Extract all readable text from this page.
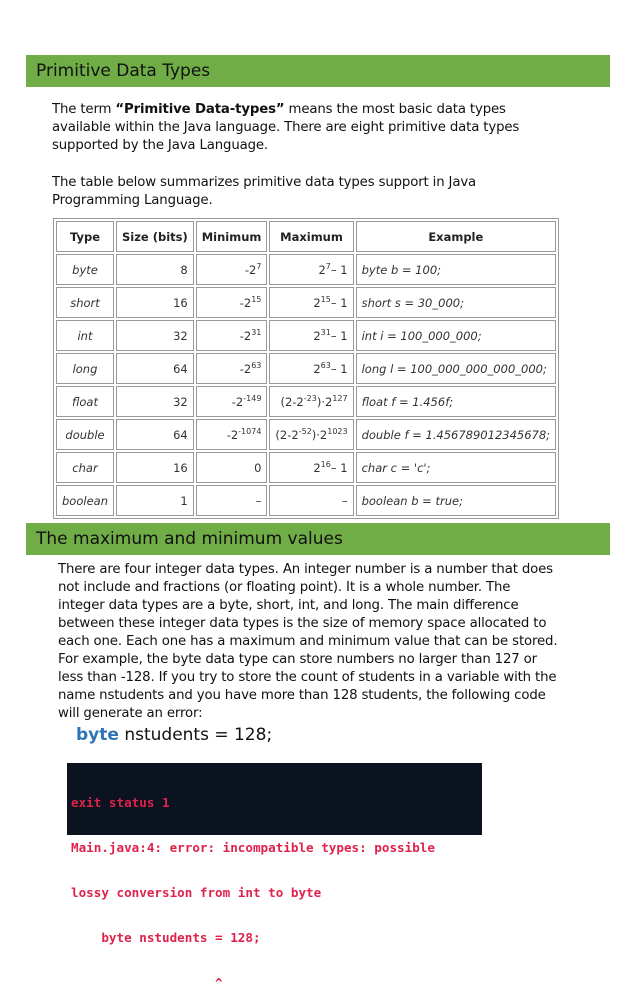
Primitive Data Types
The term “Primitive Data-types” means the most basic data types available within the Java language. There are eight primitive data types supported by the Java Language.
The table below summarizes primitive data types support in Java Programming Language.
Type	Size (bits)	Minimum	Maximum	Example
byte	8	$-2^7$	$2^7-$ 1	byte b = 100;
short	16	$-2^{15}$	$2^{15}-$ 1	short s = 30_000;
int	32	$-2^{31}$	$2^{31}-$ 1	int i = 100_000_000;
long	64	$-2^{63}$	$2^{63}-$ 1	long l = 100_000_000_000_000;
float	32	$-2^{-149}$	$(2-2^{-23})\cdot 2^{127}$	float f = 1.456f;
double	64	$-2^{-1074}$	$(2-2^{-52})\cdot 2^{1023}$	double f = 1.456789012345678;
char	16	0	$2^{16}-$ 1	char c = 'c';
boolean	1	–	–	boolean b = true;
The maximum and minimum values
There are four integer data types. An integer number is a number that does not include and fractions (or floating point). It is a whole number. The integer data types are a byte, short, int, and long. The main difference between these integer data types is the size of memory space allocated to each one. Each one has a maximum and minimum value that can be stored. For example, the byte data type can store numbers no larger than 127 or less than -128. If you try to store the count of students in a variable with the name nstudents and you have more than 128 students, the following code will generate an error:
byte nstudents = 128;

exit status 1

Main.java:4: error: incompatible types: possible

lossy conversion from int to byte

byte nstudents = 128;

^
